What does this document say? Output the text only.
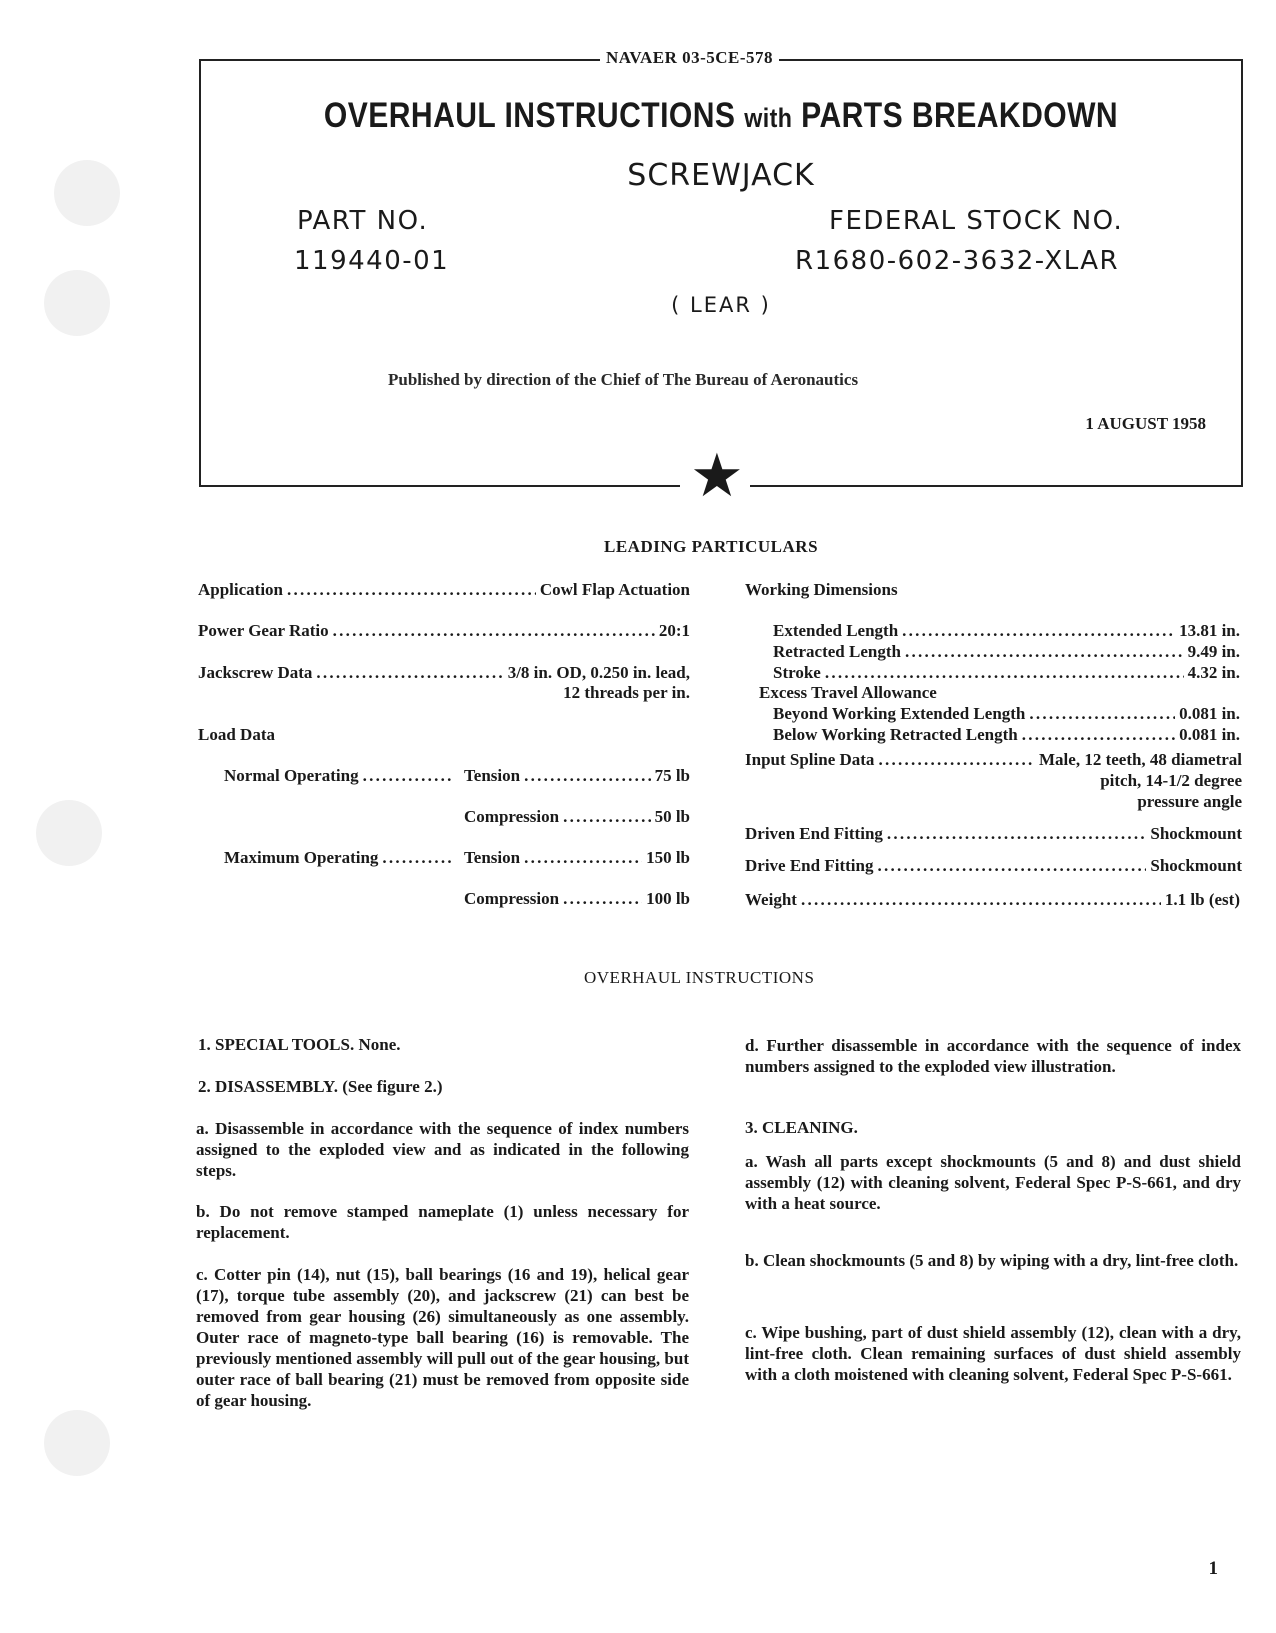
NAVAER 03-5CE-578
★
OVERHAUL INSTRUCTIONS with PARTS BREAKDOWN
SCREWJACK
PART NO.
119440-01
FEDERAL STOCK NO.
R1680-602-3632-XLAR
( LEAR )
Published by direction of the Chief of The Bureau of Aeronautics
1 AUGUST 1958
LEADING PARTICULARS
Application . . .	Cowl Flap Actuation
Power Gear Ratio . . .	20:1
Jackscrew Data . . .	3/8 in. OD, 0.250 in. lead,
12 threads per in.
Load Data
Normal Operating . . .	Tension . . .	75 lb
Compression . . .	50 lb
Maximum Operating . . .	Tension . . .	150 lb
Compression . . .	100 lb
Working Dimensions
Extended Length . . .	13.81 in.
Retracted Length . . .	9.49 in.
Stroke . . .	4.32 in.
Excess Travel Allowance
Beyond Working Extended Length . . .	0.081 in.
Below Working Retracted Length . . .	0.081 in.
Input Spline Data . . .	Male, 12 teeth, 48 diametral
pitch, 14-1/2 degree
pressure angle
Driven End Fitting . . .	Shockmount
Drive End Fitting . . .	Shockmount
Weight . . .	1.1 lb (est)
OVERHAUL INSTRUCTIONS
1. SPECIAL TOOLS. None.
2. DISASSEMBLY. (See figure 2.)
a. Disassemble in accordance with the sequence of index numbers assigned to the exploded view and as indicated in the following steps.
b. Do not remove stamped nameplate (1) unless necessary for replacement.
c. Cotter pin (14), nut (15), ball bearings (16 and 19), helical gear (17), torque tube assembly (20), and jackscrew (21) can best be removed from gear housing (26) simultaneously as one assembly. Outer race of magneto-type ball bearing (16) is removable. The previously mentioned assembly will pull out of the gear housing, but outer race of ball bearing (21) must be removed from opposite side of gear housing.
d. Further disassemble in accordance with the sequence of index numbers assigned to the exploded view illustration.
3. CLEANING.
a. Wash all parts except shockmounts (5 and 8) and dust shield assembly (12) with cleaning solvent, Federal Spec P-S-661, and dry with a heat source.
b. Clean shockmounts (5 and 8) by wiping with a dry, lint-free cloth.
c. Wipe bushing, part of dust shield assembly (12), clean with a dry, lint-free cloth. Clean remaining surfaces of dust shield assembly with a cloth moistened with cleaning solvent, Federal Spec P-S-661.
1
